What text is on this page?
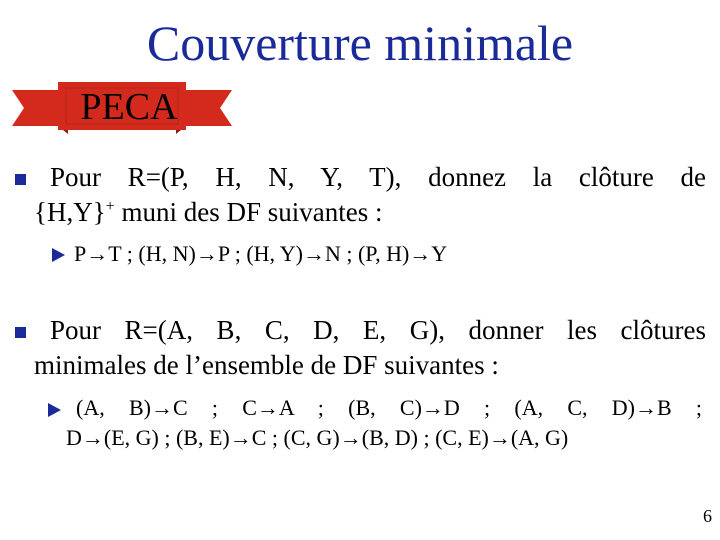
Couverture minimale
PECA
Pour R=(P, H, N, Y, T), donnez la clôture de
{H,Y}+ muni des DF suivantes :
P→T ; (H, N)→P ; (H, Y)→N ; (P, H)→Y
Pour R=(A, B, C, D, E, G), donner les clôtures
minimales de l’ensemble de DF suivantes :
(A, B)→C ; C→A ; (B, C)→D ; (A, C, D)→B ;
D→(E, G) ; (B, E)→C ; (C, G)→(B, D) ; (C, E)→(A, G)
6
